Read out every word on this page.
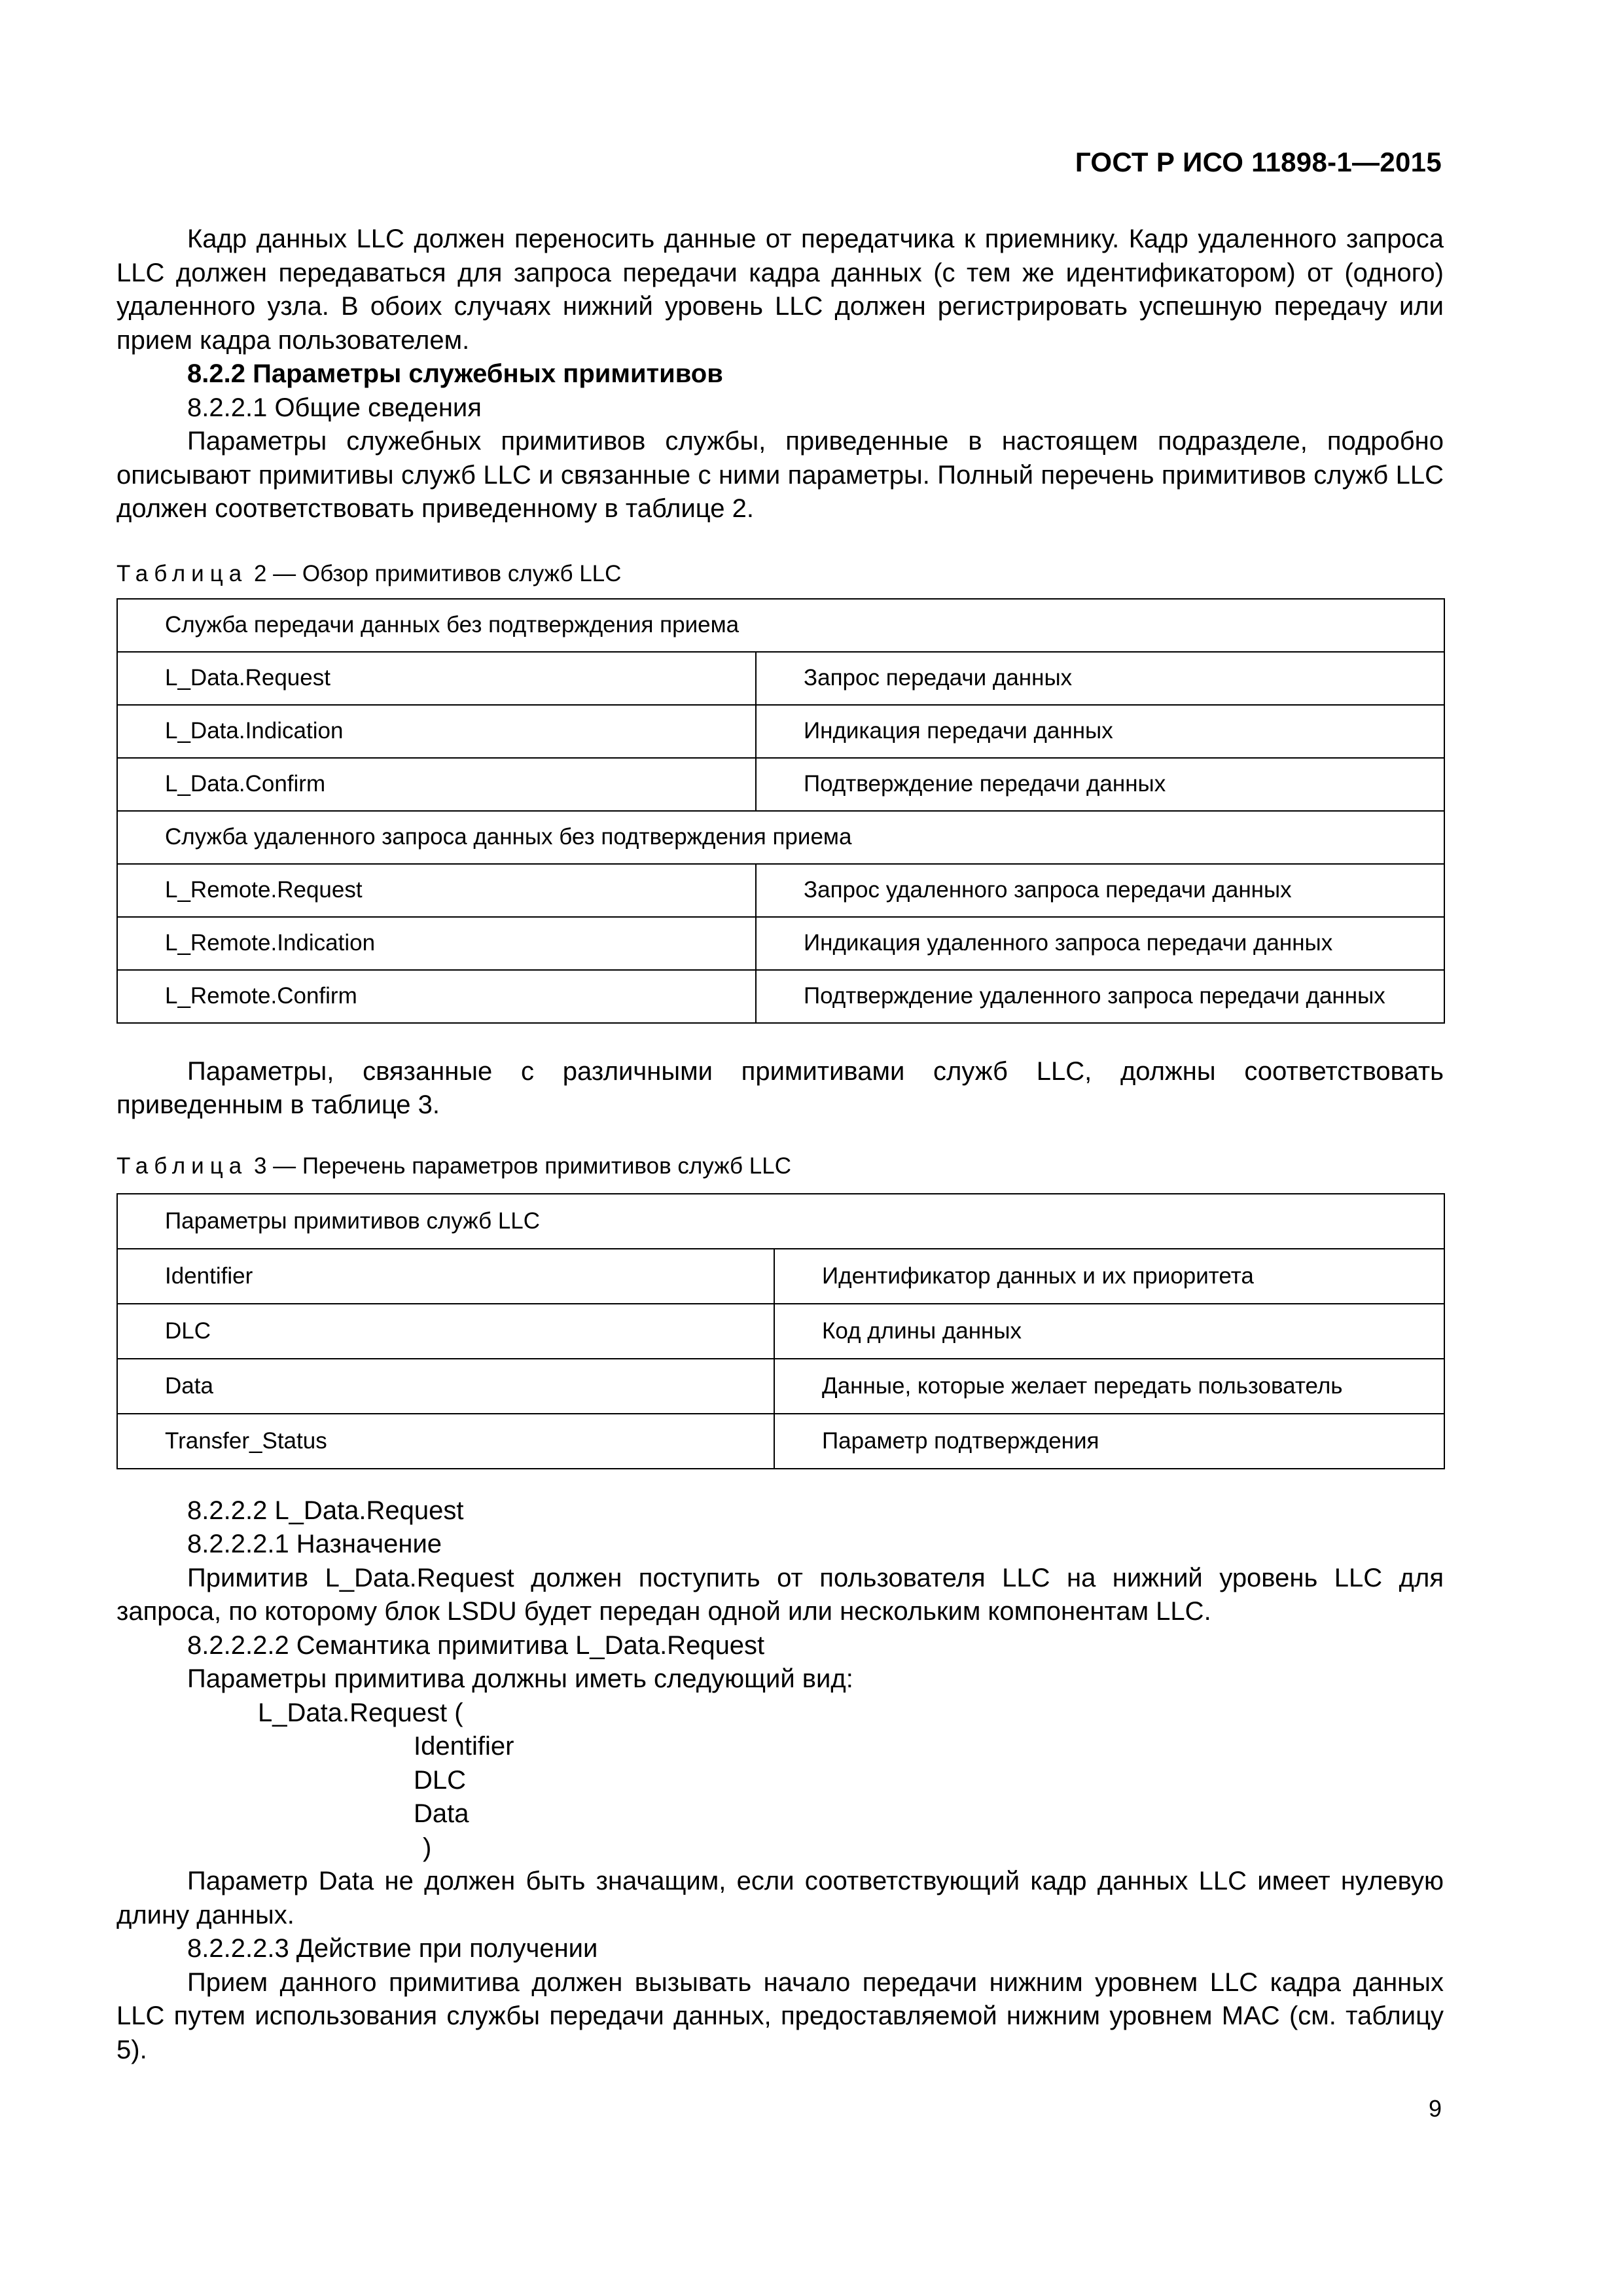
ГОСТ Р ИСО 11898-1—2015

Кадр данных LLC должен переносить данные от передатчика к приемнику. Кадр удаленного запроса LLC должен передаваться для запроса передачи кадра данных (с тем же идентификатором) от (одного) удаленного узла. В обоих случаях нижний уровень LLC должен регистрировать успешную передачу или прием кадра пользователем.

8.2.2 Параметры служебных примитивов
8.2.2.1 Общие сведения

Параметры служебных примитивов службы, приведенные в настоящем подразделе, подробно описывают примитивы служб LLC и связанные с ними параметры. Полный перечень примитивов служб LLC должен соответствовать приведенному в таблице 2.

Таблица 2 — Обзор примитивов служб LLC
Служба передачи данных без подтверждения приема	
L_Data.Request	Запрос передачи данных
L_Data.Indication	Индикация передачи данных
L_Data.Confirm	Подтверждение передачи данных
Служба удаленного запроса данных без подтверждения приема	
L_Remote.Request	Запрос удаленного запроса передачи данных
L_Remote.Indication	Индикация удаленного запроса передачи данных
L_Remote.Confirm	Подтверждение удаленного запроса передачи данных

Параметры, связанные с различными примитивами служб LLC, должны соответствовать приведенным в таблице 3.

Таблица 3 — Перечень параметров примитивов служб LLC
Параметры примитивов служб LLC	
Identifier	Идентификатор данных и их приоритета
DLC	Код длины данных
Data	Данные, которые желает передать пользователь
Transfer_Status	Параметр подтверждения
8.2.2.2 L_Data.Request
8.2.2.2.1 Назначение

Примитив L_Data.Request должен поступить от пользователя LLC на нижний уровень LLC для запроса, по которому блок LSDU будет передан одной или нескольким компонентам LLC.

8.2.2.2.2 Семантика примитива L_Data.Request
Параметры примитива должны иметь следующий вид:
L_Data.Request (
Identifier
DLC
Data
)

Параметр Data не должен быть значащим, если соответствующий кадр данных LLC имеет нулевую длину данных.

8.2.2.2.3 Действие при получении

Прием данного примитива должен вызывать начало передачи нижним уровнем LLC кадра данных LLC путем использования службы передачи данных, предоставляемой нижним уровнем MAC (см. таблицу 5).

9
